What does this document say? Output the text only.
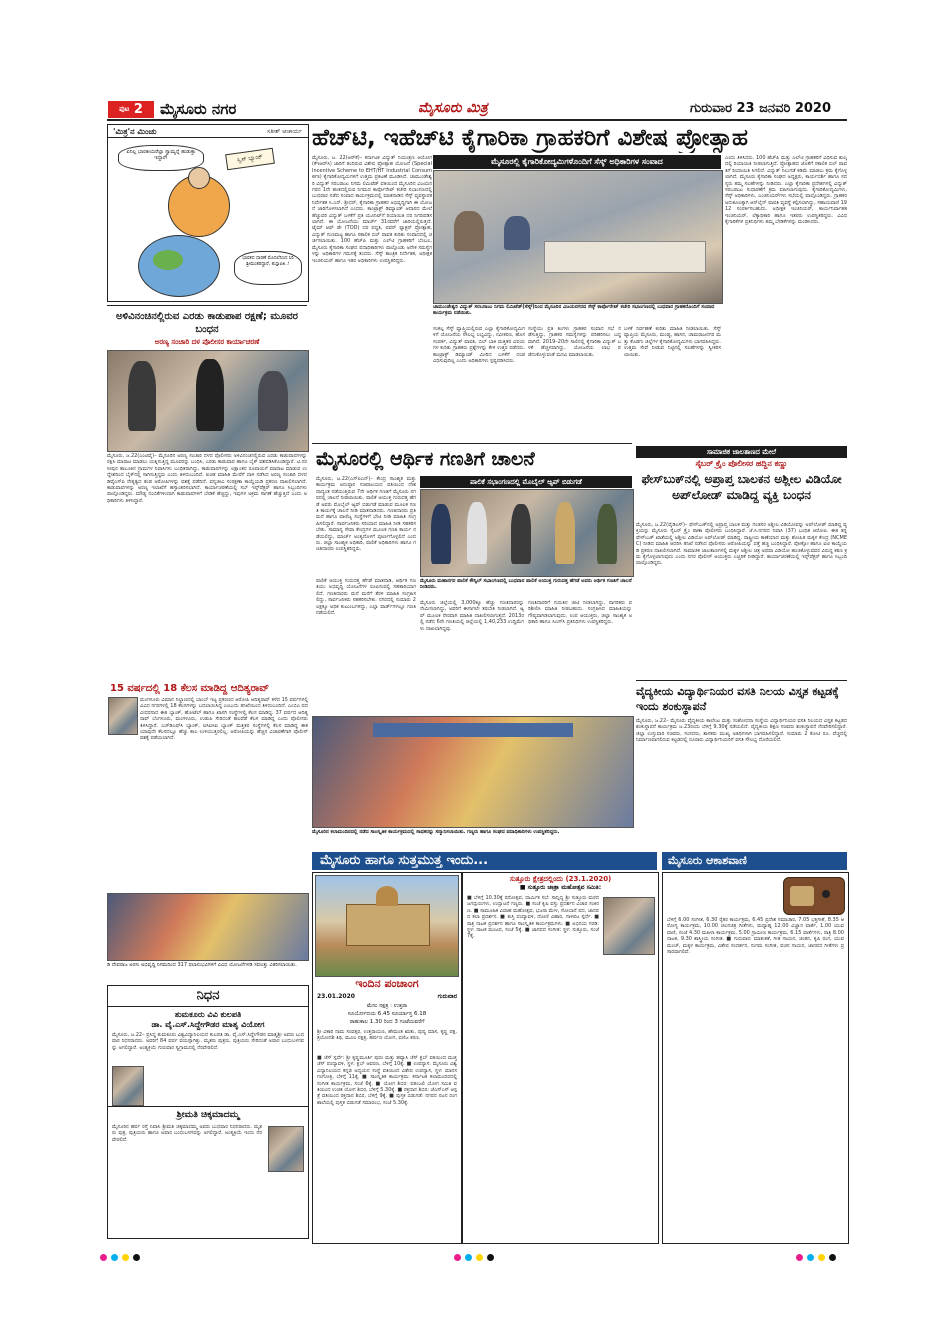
$^{ಪುಟ}$ 2	ಮೈಸೂರು ನಗರ	ಮೈಸೂರು ಮಿತ್ರ	ಗುರುವಾರ 23 ಜನವರಿ 2020
'ಮಿತ್ರ'ನ ಮಿಂಚು	ಸತೀಶ್ ಆಚಾರ್ಯ
ಏನಿಲ್ಲ ಭಾರತೀಯರೆಲ್ಲಾ ಸ್ವಾಮ್ಯನ್ನೆ ಹುಡುಕ್ತಾ ಇದ್ದಾರೆ!	ಸ್ವಿಸ್ ಬ್ಯಾಂಕ್
ಭಾರತದ ಧಾರಣೆ ಮೊದಲೆನಿಸಿದ ಸಿರಿ ಶ್ರೀಮಂತರಿದ್ದಾರೆ, ತುಸ್ತಾಪಿತಿ..!
ಹೆಚ್‌ಟಿ, ಇಹೆಚ್‌ಟಿ ಕೈಗಾರಿಕಾ ಗ್ರಾಹಕರಿಗೆ ವಿಶೇಷ ಪ್ರೋತ್ಸಾಹ
ಮೈಸೂರು, ಜ. 22(ಆರ್‌ಕೆ)– ಕರ್ನಾಟಕ ವಿದ್ಯುತ್ ನಿಯಂತ್ರಣ ಆಯೋಗ (ಕೆಇಆರ್‌ಸಿ) ಜಾರಿಗೆ ತಂದಿರುವ ವಿಶೇಷ ಪ್ರೋತ್ಸಾಹ ಯೋಜನೆ (Special Incentive Scheme to EHT/HT Industrial Consumers) ಕೈಗಾರಿಕೋದ್ಯಮಿಗಳಿಗೆ ಉತ್ತಮ ಪ್ರಕಟಣೆ ಮೂಡಿಸಿದೆ. ಚಾಮುಂಡೇಶ್ವರಿ ವಿದ್ಯುತ್ ಸರಬರಾಜು ನಿಗಮ ಲಿಮಿಟೆಡ್ ವತಿಯಿಂದ ಮೈಸೂರಿನ ವಿಜಯನಗರದ 1ನೇ ಹಂತದಲ್ಲಿರುವ ನಿಗಮದ ಕಾರ್ಪೊರೇಟ್ ಕಚೇರಿ ಸಭಾಂಗಣದಲ್ಲಿ ಬುಧವಾರ ನಡೆದ ಸಂವಾದ ಕಾರ್ಯಕ್ರಮದಲ್ಲಿ ಮಾತನಾಡಿದ ಸೆಸ್ಕ್ ವ್ಯವಸ್ಥಾಪಕ ನಿರ್ದೇಶಕ ಸಿ.ಎನ್. ಶ್ರೀಧರ್, ಕೈಗಾರಿಕಾ ಗ್ರಾಹಕರ ಅಭಿವೃದ್ಧಿಗಾಗಿ ಈ ಯೋಜನೆ ಜಾರಿಗೊಳಿಸಲಾಗಿದೆ ಎಂದರು. ಕಾಂಟ್ರಾಕ್ಟ್ ಡಿಮ್ಯಾಂಡ್ ಆಧಾರದ ಮೇಲೆ ಹೆಚ್ಚುವರಿ ವಿದ್ಯುತ್ ಬಳಕೆಗೆ ಪ್ರತಿ ಯೂನಿಟ್‌ಗೆ ರಿಯಾಯಿತಿ ದರ ನಿಗದಿಪಡಿಸಲಾಗಿದೆ. ಈ ಯೋಜನೆಯು ಮಾರ್ಚ್ 31ರವರೆಗೆ ಜಾರಿಯಲ್ಲಿರುತ್ತದೆ. ಟೈಮ್ ಆಫ್ ಡೇ (TOD) ದರ ಪದ್ಧತಿ, ಪವರ್ ಫ್ಯಾಕ್ಟರ್ ಪ್ರೋತ್ಸಾಹ, ವಿದ್ಯುತ್ ಗುಣಮಟ್ಟ ಹಾಗೂ ಸಕಾಲಿಕ ಬಿಲ್ ಪಾವತಿ ಕುರಿತು ಸಂವಾದದಲ್ಲಿ ಚರ್ಚಿಸಲಾಯಿತು. 100 ಹೆಚ್‌ಪಿ ಮತ್ತು ಎಲ್‌ಟಿ ಗ್ರಾಹಕರಿಗೆ ಬೆಂಬಲ, ಮೈಸೂರು ಕೈಗಾರಿಕಾ ಸಂಘದ ಪದಾಧಿಕಾರಿಗಳು ಪಾಲ್ಗೊಂಡು ಅನೇಕ ಸಮಸ್ಯೆಗಳನ್ನು ಅಧಿಕಾರಿಗಳ ಗಮನಕ್ಕೆ ತಂದರು. ಸೆಸ್ಕ್ ತಾಂತ್ರಿಕ ನಿರ್ದೇಶಕ, ಅಧೀಕ್ಷಕ ಇಂಜಿನಿಯರ್ ಹಾಗೂ ಇತರ ಅಧಿಕಾರಿಗಳು ಉಪಸ್ಥಿತರಿದ್ದರು.
ಮೈಸೂರಲ್ಲಿ ಕೈಗಾರಿಕೋದ್ಯಮಿಗಳೊಂದಿಗೆ ಸೆಸ್ಕ್ ಅಧಿಕಾರಿಗಳ ಸಂವಾದ
ಚಾಮುಂಡೇಶ್ವರಿ ವಿದ್ಯುತ್ ಸರಬರಾಜು ನಿಗಮ ಲಿಮಿಟೆಡ್(ಸೆಸ್ಕ್)ನಿಂದ ಮೈಸೂರಿನ ವಿಜಯನಗರದ ಸೆಸ್ಕ್ ಕಾರ್ಪೊರೇಟ್ ಕಚೇರಿ ಸಭಾಂಗಣದಲ್ಲಿ ಬುಧವಾರ ಗ್ರಾಹಕರೊಂದಿಗೆ ಸಂವಾದ ಕಾರ್ಯಕ್ರಮ ನಡೆಯಿತು.
ಸಂಕಲ್ಪ ಸೆಸ್ಕ್ ವ್ಯಾಪ್ತಿಯಲ್ಲಿರುವ ಎಲ್ಲಾ ಕೈಗಾರಿಕೋದ್ಯಮಿಗಳಿಗೆ ಯೋಜನೆಯ ಸೌಲಭ್ಯ ಲಭ್ಯವಿದ್ದು, ನವೀಕರಣ, ಹೊಸ ಸಂಪರ್ಕ, ವಿದ್ಯುತ್ ಪಾವತಿ, ಬಿಲ್ ಬಾಕಿ ಮತ್ತಿತರ ವಿಷಯಗಳ ಕುರಿತು ಗ್ರಾಹಕರು ಪ್ರಶ್ನೆಗಳನ್ನು ಕೇಳಿ ಉತ್ತರ ಪಡೆದರು. ಕಾಂಟ್ರಾಕ್ಟ್ ಡಿಮ್ಯಾಂಡ್ ಮೀರಿದ ಬಳಕೆಗೆ ದಂಡ ವಿಧಿಸುವುದಿಲ್ಲ ಎಂದು ಅಧಿಕಾರಿಗಳು ಸ್ಪಷ್ಟಪಡಿಸಿದರು.
ಸಂಸ್ಥೆಯು ಪ್ರತಿ ತಿಂಗಳು ಗ್ರಾಹಕರ ಸಂವಾದ ಸಭೆ ನಡೆಸುತ್ತಿದ್ದು, ಗ್ರಾಹಕರ ಸಮಸ್ಯೆಗಳನ್ನು ಪರಿಹರಿಸಲು ಬದ್ಧವಾಗಿದೆ. 2019–20ನೇ ಸಾಲಿನಲ್ಲಿ ಕೈಗಾರಿಕಾ ವಿದ್ಯುತ್ ಬಳಕೆ ಹೆಚ್ಚಳವಾಗಿದ್ದು, ಯೋಜನೆಯ ಲಾಭ ಪಡೆದುಕೊಳ್ಳುವಂತೆ ಮನವಿ ಮಾಡಲಾಯಿತು.
ಬಳಕೆ ನಿರ್ವಹಣೆ ಕುರಿತು ಮಾಹಿತಿ ನೀಡಲಾಯಿತು. ಸೆಸ್ಕ್ ವ್ಯಾಪ್ತಿಯ ಮೈಸೂರು, ಮಂಡ್ಯ, ಹಾಸನ, ಚಾಮರಾಜನಗರ ಮತ್ತು ಕೊಡಗು ಜಿಲ್ಲೆಗಳ ಕೈಗಾರಿಕೋದ್ಯಮಿಗಳು ಭಾಗವಹಿಸಿದ್ದರು. ಉತ್ತಮ ಸೇವೆ ನೀಡುವ ನಿಟ್ಟಿನಲ್ಲಿ ಸಲಹೆಗಳನ್ನು ಸ್ವೀಕರಿಸಲಾಯಿತು.
ಎಂದು ತಿಳಿಸಿದರು. 100 ಹೆಚ್‌ಪಿ ಮತ್ತು ಎಲ್‌ಟಿ ಗ್ರಾಹಕರಿಗೆ ವಿಧಿಸುವ ಶುಲ್ಕದಲ್ಲಿ ರಿಯಾಯಿತಿ ನೀಡಲಾಗುತ್ತಿದೆ. ಪ್ರೋತ್ಸಾಹದ ಜೊತೆಗೆ ಸಕಾಲಿಕ ಬಿಲ್ ಪಾವತಿಗೆ ರಿಯಾಯಿತಿ ಸಿಗಲಿದೆ. ವಿದ್ಯುತ್ ನಿಲುಗಡೆ ಕಡಿಮೆ ಮಾಡಲು ಕ್ರಮ ಕೈಗೊಳ್ಳಲಾಗಿದೆ. ಮೈಸೂರು ಕೈಗಾರಿಕಾ ಸಂಘದ ಅಧ್ಯಕ್ಷರು, ಕಾರ್ಯದರ್ಶಿ ಹಾಗೂ ಸದಸ್ಯರು ತಮ್ಮ ಸಲಹೆಗಳನ್ನು ನೀಡಿದರು. ಎಲ್ಲಾ ಕೈಗಾರಿಕಾ ಪ್ರದೇಶಗಳಲ್ಲಿ ವಿದ್ಯುತ್ ಸರಬರಾಜು ಸುಧಾರಣೆಗೆ ಕ್ರಮ ವಹಿಸಲಾಗುವುದು. ಕೈಗಾರಿಕೋದ್ಯಮಿಗಳು, ಸೆಸ್ಕ್ ಅಧಿಕಾರಿಗಳು, ಎಂಜಿನಿಯರ್‌ಗಳು ಸಭೆಯಲ್ಲಿ ಪಾಲ್ಗೊಂಡಿದ್ದರು. ಗ್ರಾಹಕರ ಅನುಕೂಲಕ್ಕಾಗಿ ಆನ್‌ಲೈನ್ ಪಾವತಿ ವ್ಯವಸ್ಥೆ ಕಲ್ಪಿಸಲಾಗಿದ್ದು, ಸಹಾಯವಾಣಿ 1912 ಸಂಪರ್ಕಿಸಬಹುದು. ಅಧೀಕ್ಷಕ ಇಂಜಿನಿಯರ್, ಕಾರ್ಯನಿರ್ವಾಹಕ ಇಂಜಿನಿಯರ್, ಲೆಕ್ಕಾಧಿಕಾರಿ ಹಾಗೂ ಇತರರು ಉಪಸ್ಥಿತರಿದ್ದರು. ವಿವಿಧ ಕೈಗಾರಿಕೆಗಳ ಪ್ರತಿನಿಧಿಗಳು ತಮ್ಮ ಬೇಡಿಕೆಗಳನ್ನು ಮಂಡಿಸಿದರು.
ಅಳಿವಿನಂಚಿನಲ್ಲಿರುವ ಎರಡು ಕಾಡುಪಾಪ ರಕ್ಷಣೆ; ಮೂವರ ಬಂಧನ
ಅರಣ್ಯ ಸಂಚಾರಿ ದಳ ಪೊಲೀಸರ ಕಾರ್ಯಾಚರಣೆ
ಮೈಸೂರು, ಜ.22(ಎಂಟಿವೈ)– ಮೈಸೂರಿನ ಅರಣ್ಯ ಸಂಚಾರಿ ದಳದ ಪೊಲೀಸರು ಅಳಿವಿನಂಚಿನಲ್ಲಿರುವ ಎರಡು ಕಾಡುಪಾಪಗಳನ್ನು ರಕ್ಷಿಸಿ ಮಾರಾಟ ಮಾಡಲು ಯತ್ನಿಸುತ್ತಿದ್ದ ಮೂವರನ್ನು ಬಂಧಿಸಿ, ಎರಡು ಕಾಡುಪಾಪ ಹಾಗೂ ಬೈಕ್ ವಶಪಡಿಸಿಕೊಂಡಿದ್ದಾರೆ. ಟಿ.ನರಸೀಪುರ ತಾಲೂಕಿನ ಗ್ರಾಮಗಳ ನಿವಾಸಿಗಳು ಬಂಧಿತರಾಗಿದ್ದು, ಕಾಡುಪಾಪಗಳನ್ನು ಲಕ್ಷಾಂತರ ರೂಪಾಯಿಗೆ ಮಾರಾಟ ಮಾಡುವ ಉದ್ದೇಶದಿಂದ ಬೈಕ್‌ನಲ್ಲಿ ಸಾಗಿಸುತ್ತಿದ್ದರು ಎಂದು ತಿಳಿದುಬಂದಿದೆ. ಖಚಿತ ಮಾಹಿತಿ ಮೇರೆಗೆ ದಾಳಿ ನಡೆಸಿದ ಅರಣ್ಯ ಸಂಚಾರಿ ದಳದ ಡಿವೈಎಸ್‌ಪಿ ನೇತೃತ್ವದ ತಂಡ ಆರೋಪಿಗಳನ್ನು ವಶಕ್ಕೆ ಪಡೆದಿದೆ. ವನ್ಯಜೀವಿ ಸಂರಕ್ಷಣಾ ಕಾಯ್ದೆಯಡಿ ಪ್ರಕರಣ ದಾಖಲಿಸಲಾಗಿದೆ. ಕಾಡುಪಾಪಗಳನ್ನು ಅರಣ್ಯ ಇಲಾಖೆಗೆ ಹಸ್ತಾಂತರಿಸಲಾಗಿದೆ. ಕಾರ್ಯಾಚರಣೆಯಲ್ಲಿ ಸಬ್ ಇನ್ಸ್‌ಪೆಕ್ಟರ್ ಹಾಗೂ ಸಿಬ್ಬಂದಿಗಳು ಪಾಲ್ಗೊಂಡಿದ್ದರು. ಮೌಢ್ಯ ನಂಬಿಕೆಗಳಿಂದಾಗಿ ಕಾಡುಪಾಪಗಳಿಗೆ ಬೇಡಿಕೆ ಹೆಚ್ಚಿದ್ದು, ಇವುಗಳ ಅಕ್ರಮ ಸಾಗಣೆ ಹೆಚ್ಚುತ್ತಿದೆ ಎಂದು ಅಧಿಕಾರಿಗಳು ತಿಳಿಸಿದ್ದಾರೆ.
15 ವರ್ಷದಲ್ಲಿ 18 ಕೆಲಸ ಮಾಡಿದ್ದ ಆದಿತ್ಯರಾವ್
ಮಂಗಳೂರು ವಿಮಾನ ನಿಲ್ದಾಣದಲ್ಲಿ ಬಾಂಬ್ ಇಟ್ಟ ಪ್ರಕರಣದ ಆರೋಪಿ ಆದಿತ್ಯರಾವ್ ಕಳೆದ 15 ವರ್ಷಗಳಲ್ಲಿ ವಿವಿಧ ನಗರಗಳಲ್ಲಿ 18 ಕೆಲಸಗಳನ್ನು ಬದಲಾಯಿಸಿದ್ದ ಎಂಬುದು ತನಿಖೆಯಿಂದ ತಿಳಿದುಬಂದಿದೆ. ಎಂಬಿಎ ಪದವೀಧರನಾದ ಈತ ಬ್ಯಾಂಕ್, ಹೋಟೆಲ್ ಹಾಗೂ ಖಾಸಗಿ ಸಂಸ್ಥೆಗಳಲ್ಲಿ ಕೆಲಸ ಮಾಡಿದ್ದ. 37 ವರ್ಷದ ಆದಿತ್ಯ ರಾವ್ ಬೆಂಗಳೂರು, ಮಂಗಳೂರು, ಉಡುಪಿ ಸೇರಿದಂತೆ ಹಲವೆಡೆ ಕೆಲಸ ಮಾಡಿದ್ದ ಎಂದು ಪೊಲೀಸರು ತಿಳಿಸಿದ್ದಾರೆ. ಎಚ್‌ಡಿಎಫ್‌ಸಿ ಬ್ಯಾಂಕ್, ಐಸಿಐಸಿಐ ಬ್ಯಾಂಕ್ ಮತ್ತಿತರ ಸಂಸ್ಥೆಗಳಲ್ಲಿ ಕೆಲಸ ಮಾಡಿದ್ದ ಈತ ಯಾವುದೇ ಕೆಲಸದಲ್ಲೂ ಹೆಚ್ಚು ಕಾಲ ಉಳಿಯುತ್ತಿರಲಿಲ್ಲ. ಆರೋಪಿಯನ್ನು ಹೆಚ್ಚಿನ ವಿಚಾರಣೆಗಾಗಿ ಪೊಲೀಸ್ ವಶಕ್ಕೆ ಪಡೆಯಲಾಗಿದೆ.
ಡಿ ದೇವರಾಜ ಅರಸು ಅಭಿವೃದ್ಧಿ ನಿಗಮದಿಂದ 317 ಫಲಾನುಭವಿಗಳಿಗೆ ವಿವಿಧ ಯೋಜನೆಗಳಡಿ ಸವಲತ್ತು ವಿತರಿಸಲಾಯಿತು.
ನಿಧನ
ತುಮಕೂರು ವಿವಿ ಕುಲಪತಿ
ಡಾ. ವೈ.ಎಸ್.ಸಿದ್ದೇಗೌಡರ ಮಾತೃ ವಿಯೋಗ
ಮೈಸೂರು, ಜ.22– ಪ್ರಸಿದ್ಧ ತುಮಕೂರು ವಿಶ್ವವಿದ್ಯಾನಿಲಯದ ಕುಲಪತಿ ಡಾ. ವೈ.ಎಸ್.ಸಿದ್ದೇಗೌಡರ ಮಾತೃಶ್ರೀ ಅವರು ಬುಧವಾರ ನಿಧನರಾದರು. ಅವರಿಗೆ 84 ವರ್ಷ ವಯಸ್ಸಾಗಿತ್ತು. ಮೃತರು ಪುತ್ರರು, ಪುತ್ರಿಯರು ಸೇರಿದಂತೆ ಅಪಾರ ಬಂಧುಬಳಗವನ್ನು ಅಗಲಿದ್ದಾರೆ. ಅಂತ್ಯಕ್ರಿಯೆ ಗುರುವಾರ ಸ್ವಗ್ರಾಮದಲ್ಲಿ ನೆರವೇರಲಿದೆ.
ಶ್ರೀಮತಿ ಚಿಕ್ಕಮಾದಮ್ಮ
ಮೈಸೂರಿನ ಹರ್ಷ ರಸ್ತೆ ನಿವಾಸಿ ಶ್ರೀಮತಿ ಚಿಕ್ಕಮಾದಮ್ಮ ಅವರು ಬುಧವಾರ ನಿಧನರಾದರು. ಮೃತರು ಪುತ್ರ, ಪುತ್ರಿಯರು ಹಾಗೂ ಅಪಾರ ಬಂಧುಬಳಗವನ್ನು ಅಗಲಿದ್ದಾರೆ. ಅಂತ್ಯಕ್ರಿಯೆ ಇಂದು ನೆರವೇರಲಿದೆ.
ಮೈಸೂರಲ್ಲಿ ಆರ್ಥಿಕ ಗಣತಿಗೆ ಚಾಲನೆ
ಮೈಸೂರು, ಜ.22(ಎಸ್‌ಪಿಎನ್)– ಕೇಂದ್ರ ಸಾಂಖ್ಯಿಕ ಮತ್ತು ಕಾರ್ಯಕ್ರಮ ಅನುಷ್ಠಾನ ಸಚಿವಾಲಯದ ವತಿಯಿಂದ ದೇಶದಾದ್ಯಂತ ನಡೆಯುತ್ತಿರುವ 7ನೇ ಆರ್ಥಿಕ ಗಣತಿಗೆ ಮೈಸೂರು ನಗರದಲ್ಲಿ ಚಾಲನೆ ನೀಡಲಾಯಿತು. ಪಾಲಿಕೆ ಆಯುಕ್ತ ಗುರುದತ್ತ ಹೆಗಡೆ ಅವರು ಮೊಬೈಲ್ ಆ್ಯಪ್ ಬಿಡುಗಡೆ ಮಾಡುವ ಮೂಲಕ ಗಣತಿ ಕಾರ್ಯಕ್ಕೆ ಚಾಲನೆ ನೀಡಿ ಮಾತನಾಡಿದರು. ಗಣತಿದಾರರು ಪ್ರತಿ ಮನೆ ಹಾಗೂ ವಾಣಿಜ್ಯ ಸಂಸ್ಥೆಗಳಿಗೆ ಭೇಟಿ ನೀಡಿ ಮಾಹಿತಿ ಸಂಗ್ರಹಿಸಲಿದ್ದಾರೆ. ಸಾರ್ವಜನಿಕರು ಸರಿಯಾದ ಮಾಹಿತಿ ನೀಡಿ ಸಹಕರಿಸಬೇಕು. ಸಾಮಾನ್ಯ ಸೇವಾ ಕೇಂದ್ರಗಳ ಮೂಲಕ ಗಣತಿ ಕಾರ್ಯ ನಡೆಯಲಿದ್ದು, ಮಾರ್ಚ್ ಅಂತ್ಯದೊಳಗೆ ಪೂರ್ಣಗೊಳ್ಳಲಿದೆ ಎಂದರು. ಜಿಲ್ಲಾ ಸಾಂಖ್ಯಿಕ ಅಧಿಕಾರಿ, ಪಾಲಿಕೆ ಅಧಿಕಾರಿಗಳು ಹಾಗೂ ಗಣತಿದಾರರು ಉಪಸ್ಥಿತರಿದ್ದರು.
ಪಾಲಿಕೆ ಸಭಾಂಗಣದಲ್ಲಿ ಮೊಬೈಲ್ ಆ್ಯಪ್ ಬಿಡುಗಡೆ
ಮೈಸೂರು ಮಹಾನಗರ ಪಾಲಿಕೆ ಕೌನ್ಸಿಲ್ ಸಭಾಂಗಣದಲ್ಲಿ ಬುಧವಾರ ಪಾಲಿಕೆ ಆಯುಕ್ತ ಗುರುದತ್ತ ಹೆಗಡೆ ಅವರು ಆರ್ಥಿಕ ಗಣತಿಗೆ ಚಾಲನೆ ನೀಡಿದರು.
ಪಾಲಿಕೆ ಆಯುಕ್ತ ಗುರುದತ್ತ ಹೆಗಡೆ ಮಾತನಾಡಿ, ಆರ್ಥಿಕ ಗಣತಿಯು ಅಭಿವೃದ್ಧಿ ಯೋಜನೆಗಳ ರೂಪಿಸುವಲ್ಲಿ ಸಹಕಾರಿಯಾಗಲಿದೆ. ಗಣತಿದಾರರು ಮನೆ ಮನೆಗೆ ತೆರಳಿ ಮಾಹಿತಿ ಸಂಗ್ರಹಿಸಲಿದ್ದು, ಸಾರ್ವಜನಿಕರು ಸಹಕರಿಸಬೇಕು. ನಗರದಲ್ಲಿ ಸುಮಾರು 2 ಲಕ್ಷಕ್ಕೂ ಅಧಿಕ ಕುಟುಂಬಗಳಿದ್ದು, ಎಲ್ಲಾ ವಾರ್ಡ್‌ಗಳಲ್ಲೂ ಗಣತಿ ನಡೆಯಲಿದೆ.
ಮೈಸೂರು ಜಿಲ್ಲೆಯಲ್ಲಿ 3,000ಕ್ಕೂ ಹೆಚ್ಚು ಗಣತಿದಾರರನ್ನು ನೇಮಿಸಲಾಗಿದ್ದು, ಅವರಿಗೆ ಈಗಾಗಲೇ ತರಬೇತಿ ನೀಡಲಾಗಿದೆ. ಆ್ಯಪ್ ಮೂಲಕ ನೇರವಾಗಿ ಮಾಹಿತಿ ದಾಖಲಿಸಲಾಗುತ್ತದೆ. 2013ರಲ್ಲಿ ನಡೆದ 6ನೇ ಗಣತಿಯಲ್ಲಿ ಜಿಲ್ಲೆಯಲ್ಲಿ 1,40,233 ಉದ್ದಿಮೆಗಳು ದಾಖಲಾಗಿದ್ದವು.
ಗಣತಿದಾರರಿಗೆ ಗುರುತಿನ ಚೀಟಿ ನೀಡಲಾಗಿದ್ದು, ನಾಗರಿಕರು ಪರಿಶೀಲಿಸಿ ಮಾಹಿತಿ ನೀಡಬಹುದು. ಸಂಗ್ರಹಿಸಿದ ಮಾಹಿತಿಯನ್ನು ಗೌಪ್ಯವಾಗಿಡಲಾಗುವುದು. ಉಪ ಆಯುಕ್ತರು, ಜಿಲ್ಲಾ ಸಾಂಖ್ಯಿಕ ಅಧಿಕಾರಿ ಹಾಗೂ ಸಿಎಸ್‌ಸಿ ಪ್ರತಿನಿಧಿಗಳು ಉಪಸ್ಥಿತರಿದ್ದರು.
ಸಾಮಾಜಿಕ ಜಾಲತಾಣದ ಮೇಲೆ
ಸೈಬರ್ ಕ್ರೈಂ ಪೊಲೀಸರ ಹದ್ದಿನ ಕಣ್ಣು
ಫೇಸ್‌ಬುಕ್‌ನಲ್ಲಿ ಅಪ್ರಾಪ್ತ ಬಾಲಕನ ಅಶ್ಲೀಲ ವಿಡಿಯೋ ಅಪ್‌ಲೋಡ್ ಮಾಡಿದ್ದ ವ್ಯಕ್ತಿ ಬಂಧನ
ಮೈಸೂರು, ಜ.22(ವೈಡಿಎಸ್)– ಫೇಸ್‌ಬುಕ್‌ನಲ್ಲಿ ಅಪ್ರಾಪ್ತ ಬಾಲಕ ಮತ್ತು ಗಂಡಸರ ಅಶ್ಲೀಲ ವಿಡಿಯೋವನ್ನು ಅಪ್‌ಲೋಡ್ ಮಾಡಿದ್ದ ವ್ಯಕ್ತಿಯನ್ನು ಮೈಸೂರು ಸೈಬರ್ ಕ್ರೈಂ ಠಾಣಾ ಪೊಲೀಸರು ಬಂಧಿಸಿದ್ದಾರೆ. ಜೆ.ಸಿ.ನಗರದ ನಿವಾಸಿ (37) ಬಂಧಿತ ಆರೋಪಿ. ಈತ ತನ್ನ ಫೇಸ್‌ಬುಕ್ ಖಾತೆಯಲ್ಲಿ ಅಶ್ಲೀಲ ವಿಡಿಯೋ ಅಪ್‌ಲೋಡ್ ಮಾಡಿದ್ದ. ರಾಷ್ಟ್ರೀಯ ಕಾಣೆಯಾದ ಮತ್ತು ಶೋಷಿತ ಮಕ್ಕಳ ಕೇಂದ್ರ (NCMEC) ನೀಡಿದ ಮಾಹಿತಿ ಆಧರಿಸಿ ತನಿಖೆ ನಡೆಸಿದ ಪೊಲೀಸರು ಆರೋಪಿಯನ್ನು ಪತ್ತೆ ಹಚ್ಚಿ ಬಂಧಿಸಿದ್ದಾರೆ. ಪೋಕ್ಸೋ ಹಾಗೂ ಐಟಿ ಕಾಯ್ದೆಯಡಿ ಪ್ರಕರಣ ದಾಖಲಿಸಲಾಗಿದೆ. ಸಾಮಾಜಿಕ ಜಾಲತಾಣಗಳಲ್ಲಿ ಮಕ್ಕಳ ಅಶ್ಲೀಲ ಚಿತ್ರ ಅಥವಾ ವಿಡಿಯೋ ಹಂಚಿಕೊಳ್ಳುವವರ ವಿರುದ್ಧ ಕಠಿಣ ಕ್ರಮ ಕೈಗೊಳ್ಳಲಾಗುವುದು ಎಂದು ನಗರ ಪೊಲೀಸ್ ಆಯುಕ್ತರು ಎಚ್ಚರಿಕೆ ನೀಡಿದ್ದಾರೆ. ಕಾರ್ಯಾಚರಣೆಯಲ್ಲಿ ಇನ್ಸ್‌ಪೆಕ್ಟರ್ ಹಾಗೂ ಸಿಬ್ಬಂದಿ ಪಾಲ್ಗೊಂಡಿದ್ದರು.
ಮೈಸೂರಿನ ಕಲಾಮಂದಿರದಲ್ಲಿ ನಡೆದ ಸಾಂಸ್ಕೃತಿಕ ಕಾರ್ಯಕ್ರಮದಲ್ಲಿ ಸಾಧಕರನ್ನು ಸನ್ಮಾನಿಸಲಾಯಿತು. ಗಣ್ಯರು ಹಾಗೂ ಸಂಘದ ಪದಾಧಿಕಾರಿಗಳು ಉಪಸ್ಥಿತರಿದ್ದರು.
ವೈದ್ಯಕೀಯ ವಿದ್ಯಾರ್ಥಿನಿಯರ ವಸತಿ ನಿಲಯ ವಿಸ್ತೃತ ಕಟ್ಟಡಕ್ಕೆ ಇಂದು ಶಂಕುಸ್ಥಾಪನೆ
ಮೈಸೂರು, ಜ.22– ಮೈಸೂರು ವೈದ್ಯಕೀಯ ಕಾಲೇಜು ಮತ್ತು ಸಂಶೋಧನಾ ಸಂಸ್ಥೆಯ ವಿದ್ಯಾರ್ಥಿನಿಯರ ವಸತಿ ನಿಲಯದ ವಿಸ್ತೃತ ಕಟ್ಟಡದ ಶಂಕುಸ್ಥಾಪನೆ ಕಾರ್ಯಕ್ರಮ ಜ.23ರಂದು ಬೆಳಿಗ್ಗೆ 9.30ಕ್ಕೆ ನಡೆಯಲಿದೆ. ವೈದ್ಯಕೀಯ ಶಿಕ್ಷಣ ಸಚಿವರು ಶಂಕುಸ್ಥಾಪನೆ ನೆರವೇರಿಸಲಿದ್ದಾರೆ. ಜಿಲ್ಲಾ ಉಸ್ತುವಾರಿ ಸಚಿವರು, ಸಂಸದರು, ಶಾಸಕರು ಮುಖ್ಯ ಅತಿಥಿಗಳಾಗಿ ಭಾಗವಹಿಸಲಿದ್ದಾರೆ. ಸುಮಾರು 2 ಕೋಟಿ ರೂ. ವೆಚ್ಚದಲ್ಲಿ ನಿರ್ಮಾಣವಾಗಲಿರುವ ಕಟ್ಟಡದಲ್ಲಿ ನೂರಾರು ವಿದ್ಯಾರ್ಥಿನಿಯರಿಗೆ ವಸತಿ ಸೌಲಭ್ಯ ದೊರೆಯಲಿದೆ.
ಮೈಸೂರು ಹಾಗೂ ಸುತ್ತಮುತ್ತ ಇಂದು...
ಇಂದಿನ ಪಂಚಾಂಗ
23.01.2020	ಗುರುವಾರ
ಮೇಲ ನಕ್ಷತ್ರ : ಉತ್ತರಾ
ಸೂರ್ಯೋದಯ 6.45 ಸೂರ್ಯಾಸ್ತ 6.18
ರಾಹುಕಾಲ 1.30 ರಿಂದ 3 ಗಂಟೆಯವರೆಗೆ
ಶ್ರೀ ವಿಕಾರಿ ನಾಮ ಸಂವತ್ಸರ, ಉತ್ತರಾಯಣ, ಹೇಮಂತ ಋತು, ಪುಷ್ಯ ಮಾಸ, ಕೃಷ್ಣ ಪಕ್ಷ, ತ್ರಯೋದಶಿ ತಿಥಿ, ಮೂಲ ನಕ್ಷತ್ರ, ಹರ್ಷಣ ಯೋಗ, ವಣಿಜ ಕರಣ.
■ ಚೆಸ್ ಸ್ಪರ್ಧೆ: ಶ್ರೀ ಕೃಷ್ಣಮೂರ್ತಿ ಪುರಂ ಮತ್ತು ಹವ್ಯಾಸಿ ಚೆಸ್ ಕ್ಲಬ್ ವತಿಯಿಂದ ಮುಕ್ತ ಚೆಸ್ ಪಂದ್ಯಾವಳಿ, ಸ್ಥಳ: ಕ್ಲಬ್ ಆವರಣ, ಬೆಳಿಗ್ಗೆ 10ಕ್ಕೆ. ■ ಉಪನ್ಯಾಸ: ಮೈಸೂರು ವಿಶ್ವವಿದ್ಯಾನಿಲಯದ ಕನ್ನಡ ಅಧ್ಯಯನ ಸಂಸ್ಥೆ ವತಿಯಿಂದ ವಿಶೇಷ ಉಪನ್ಯಾಸ, ಸ್ಥಳ: ಮಾನಸಗಂಗೋತ್ರಿ, ಬೆಳಿಗ್ಗೆ 11ಕ್ಕೆ. ■ ಸಾಂಸ್ಕೃತಿಕ ಕಾರ್ಯಕ್ರಮ: ಕರ್ನಾಟಕ ಕಲಾಮಂದಿರದಲ್ಲಿ ಸಂಗೀತ ಕಾರ್ಯಕ್ರಮ, ಸಂಜೆ 6ಕ್ಕೆ. ■ ಯೋಗ ಶಿಬಿರ: ಪತಂಜಲಿ ಯೋಗ ಸಮಿತಿ ವತಿಯಿಂದ ಉಚಿತ ಯೋಗ ಶಿಬಿರ, ಬೆಳಿಗ್ಗೆ 5.30ಕ್ಕೆ. ■ ರಕ್ತದಾನ ಶಿಬಿರ: ಜೆಎಸ್‌ಎಸ್ ಆಸ್ಪತ್ರೆ ವತಿಯಿಂದ ರಕ್ತದಾನ ಶಿಬಿರ, ಬೆಳಿಗ್ಗೆ 9ಕ್ಕೆ. ■ ಪುಸ್ತಕ ಬಿಡುಗಡೆ: ನಗರದ ನಟನ ರಂಗಶಾಲೆಯಲ್ಲಿ ಪುಸ್ತಕ ಬಿಡುಗಡೆ ಸಮಾರಂಭ, ಸಂಜೆ 5.30ಕ್ಕೆ.
ಸುತ್ತೂರು ಕ್ಷೇತ್ರದಲ್ಲಿಂದು (23.1.2020)
■ ಸುತ್ತೂರು ಜಾತ್ರಾ ಮಹೋತ್ಸವ ಸಮಿತಿ:
■ ಬೆಳಿಗ್ಗೆ 10.30ಕ್ಕೆ ರಥೋತ್ಸವ, ಧಾರ್ಮಿಕ ಸಭೆ: ಸಾನ್ನಿಧ್ಯ ಶ್ರೀ ಸುತ್ತೂರು ಮಠದ ಜಗದ್ಗುರುಗಳು, ಉದ್ಘಾಟನೆ ಗಣ್ಯರು. ■ ಸಂಜೆ ಕೃಷಿ ವಸ್ತು ಪ್ರದರ್ಶನ ವಿಚಾರ ಸಂಕಿರಣ. ■ ಸಾಮೂಹಿಕ ವಿವಾಹ ಮಹೋತ್ಸವ, ಭಜನಾ ಮೇಳ, ಸೋಬಾನೆ ಪದ, ಜಾನಪದ ಕಲಾ ಪ್ರದರ್ಶನ. ■ ಕುಸ್ತಿ ಪಂದ್ಯಾವಳಿ, ದೋಣಿ ವಿಹಾರ, ಗಾಳಿಪಟ ಸ್ಪರ್ಧೆ. ■ ರಾತ್ರಿ ನಾಟಕ ಪ್ರದರ್ಶನ ಹಾಗೂ ಸಾಂಸ್ಕೃತಿಕ ಕಾರ್ಯಕ್ರಮಗಳು. ■ ಅಭಿನಯ ಗರಡಿ: ಸ್ಥಳ: ನಾಟಕ ಮಂಟಪ, ಸಂಜೆ 5ಕ್ಕೆ. ■ ಜಾನಪದ ಸಂಗೀತ: ಸ್ಥಳ: ಸುತ್ತೂರು, ಸಂಜೆ 7ಕ್ಕೆ.
ಮೈಸೂರು ಆಕಾಶವಾಣಿ
ಬೆಳಿಗ್ಗೆ 6.00 ಸಂಗೀತ, 6.30 ರೈತರ ಕಾರ್ಯಕ್ರಮ, 6.45 ಪ್ರದೇಶ ಸಮಾಚಾರ, 7.05 ಭಕ್ತಿಗೀತೆ, 8.35 ಆರೋಗ್ಯ ಕಾರ್ಯಕ್ರಮ, 10.00 ಚಲನಚಿತ್ರ ಗೀತೆಗಳು, ಮಧ್ಯಾಹ್ನ 12.00 ವಿಜ್ಞಾನ ವಾರ್ತೆ, 1.00 ಯುವವಾಣಿ, ಸಂಜೆ 4.30 ಮಹಿಳಾ ಕಾರ್ಯಕ್ರಮ, 5.00 ಗ್ರಾಮೀಣ ಕಾರ್ಯಕ್ರಮ, 6.15 ವಾರ್ತೆಗಳು, ರಾತ್ರಿ 8.00 ನಾಟಕ, 9.30 ಶಾಸ್ತ್ರೀಯ ಸಂಗೀತ. ■ ಗುರುವಾರ: ಮಾತುಕತೆ, ಗೀತ ಗಾಯನ, ಚಿಂತನ, ಕೃಷಿ ರಂಗ, ಯುವ ಮಂಚ್, ಮಕ್ಕಳ ಕಾರ್ಯಕ್ರಮ, ವಿಶೇಷ ಸಂದರ್ಶನ, ಸುಗಮ ಸಂಗೀತ, ವಚನ ಗಾಯನ, ಜಾನಪದ ಗೀತೆಗಳು ಪ್ರಸಾರವಾಗಲಿವೆ.
